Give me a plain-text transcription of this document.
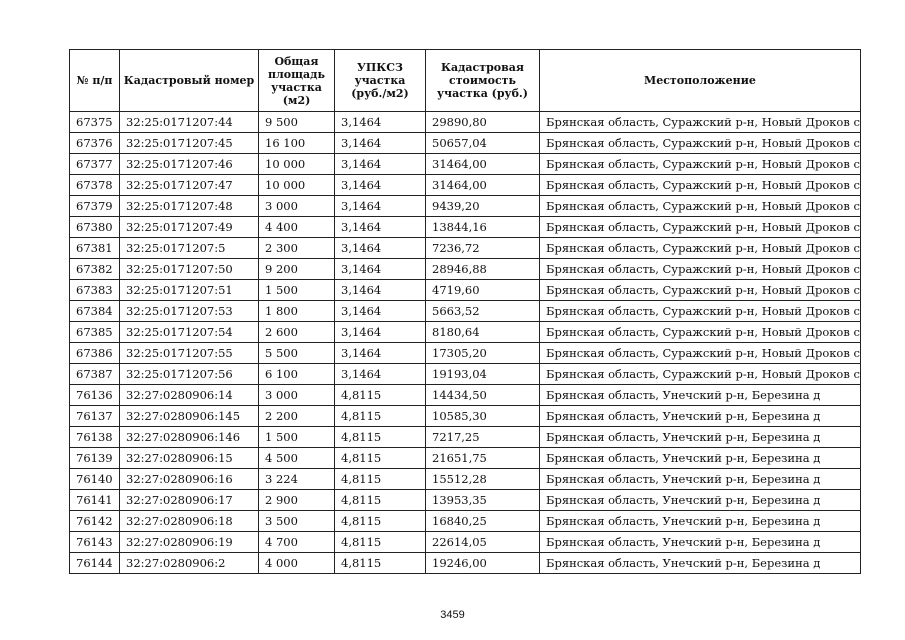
№ п/п	Кадастровый номер	Общая площадь участка (м2)	УПКСЗ участка (руб./м2)	Кадастровая стоимость участка (руб.)	Местоположение
67375	32:25:0171207:44	9 500	3,1464	29890,80	Брянская область, Суражский р-н, Новый Дроков с
67376	32:25:0171207:45	16 100	3,1464	50657,04	Брянская область, Суражский р-н, Новый Дроков с
67377	32:25:0171207:46	10 000	3,1464	31464,00	Брянская область, Суражский р-н, Новый Дроков с
67378	32:25:0171207:47	10 000	3,1464	31464,00	Брянская область, Суражский р-н, Новый Дроков с
67379	32:25:0171207:48	3 000	3,1464	9439,20	Брянская область, Суражский р-н, Новый Дроков с
67380	32:25:0171207:49	4 400	3,1464	13844,16	Брянская область, Суражский р-н, Новый Дроков с
67381	32:25:0171207:5	2 300	3,1464	7236,72	Брянская область, Суражский р-н, Новый Дроков с
67382	32:25:0171207:50	9 200	3,1464	28946,88	Брянская область, Суражский р-н, Новый Дроков с
67383	32:25:0171207:51	1 500	3,1464	4719,60	Брянская область, Суражский р-н, Новый Дроков с
67384	32:25:0171207:53	1 800	3,1464	5663,52	Брянская область, Суражский р-н, Новый Дроков с
67385	32:25:0171207:54	2 600	3,1464	8180,64	Брянская область, Суражский р-н, Новый Дроков с
67386	32:25:0171207:55	5 500	3,1464	17305,20	Брянская область, Суражский р-н, Новый Дроков с
67387	32:25:0171207:56	6 100	3,1464	19193,04	Брянская область, Суражский р-н, Новый Дроков с
76136	32:27:0280906:14	3 000	4,8115	14434,50	Брянская область, Унечский р-н, Березина д
76137	32:27:0280906:145	2 200	4,8115	10585,30	Брянская область, Унечский р-н, Березина д
76138	32:27:0280906:146	1 500	4,8115	7217,25	Брянская область, Унечский р-н, Березина д
76139	32:27:0280906:15	4 500	4,8115	21651,75	Брянская область, Унечский р-н, Березина д
76140	32:27:0280906:16	3 224	4,8115	15512,28	Брянская область, Унечский р-н, Березина д
76141	32:27:0280906:17	2 900	4,8115	13953,35	Брянская область, Унечский р-н, Березина д
76142	32:27:0280906:18	3 500	4,8115	16840,25	Брянская область, Унечский р-н, Березина д
76143	32:27:0280906:19	4 700	4,8115	22614,05	Брянская область, Унечский р-н, Березина д
76144	32:27:0280906:2	4 000	4,8115	19246,00	Брянская область, Унечский р-н, Березина д
3459
